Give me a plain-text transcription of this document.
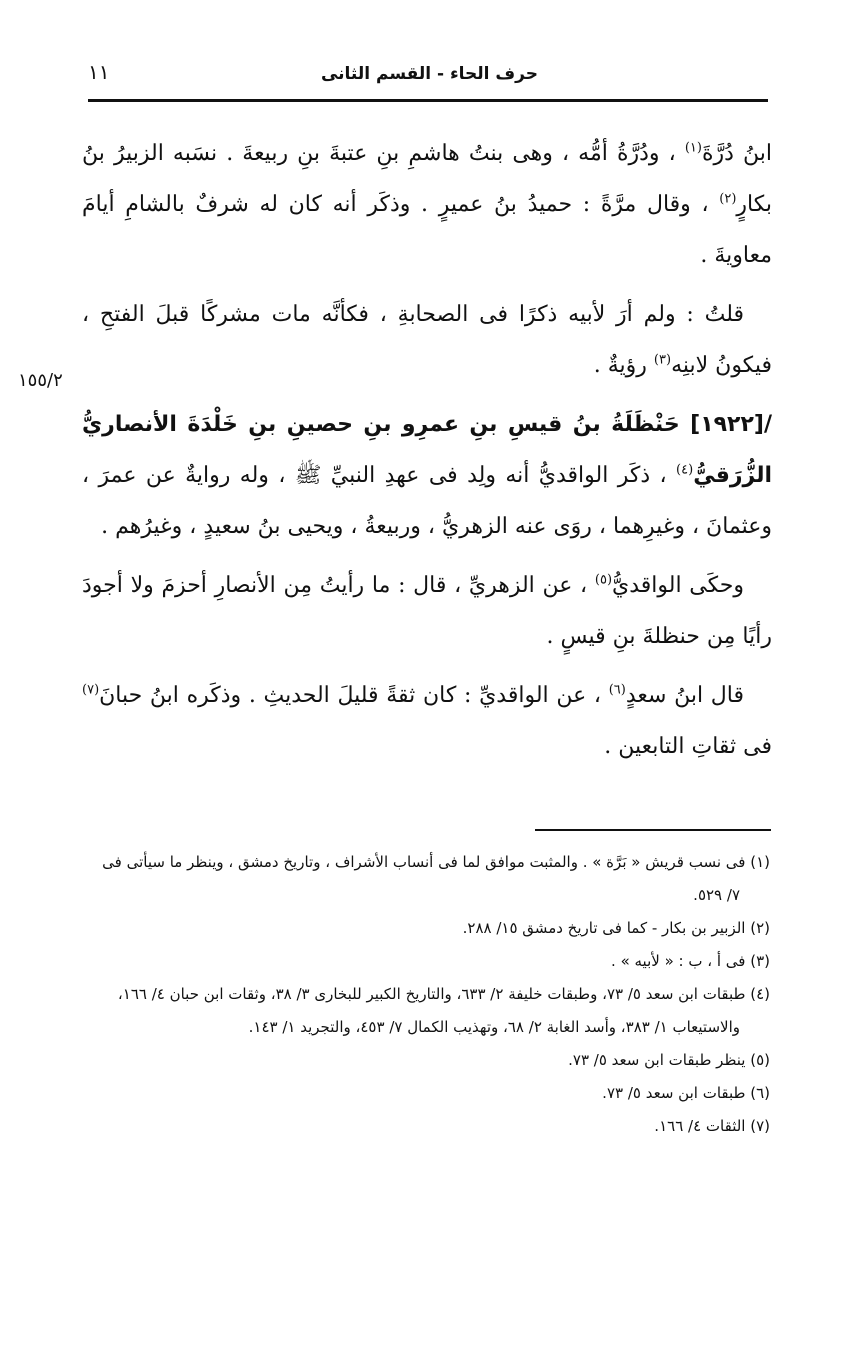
حرف الحاء - القسم الثانى
١١
١٥٥/٢

ابنُ دُرَّةَ$^{(١)}$ ، ودُرَّةُ أمُّه ، وهى بنتُ هاشمِ بنِ عتبةَ بنِ ربيعةَ . نسَبه الزبيرُ بنُ بكارٍ$^{(٢)}$ ، وقال مرَّةً : حميدُ بنُ عميرٍ . وذكَر أنه كان له شرفٌ بالشامِ أيامَ معاويةَ .

قلتُ : ولم أرَ لأبيه ذكرًا فى الصحابةِ ، فكأنَّه مات مشركًا قبلَ الفتحِ ، فيكونُ لابنِه$^{(٣)}$ رؤيةٌ .

/[١٩٢٢] حَنْظَلَةُ بنُ قيسِ بنِ عمرِو بنِ حصينِ بنِ خَلْدَةَ الأنصاريُّ الزُّرَقيُّ$^{(٤)}$ ، ذكَر الواقديُّ أنه ولِد فى عهدِ النبيِّ ﷺ ، وله روايةٌ عن عمرَ ، وعثمانَ ، وغيرِهما ، روَى عنه الزهريُّ ، وربيعةُ ، ويحيى بنُ سعيدٍ ، وغيرُهم .

وحكَى الواقديُّ$^{(٥)}$ ، عن الزهريِّ ، قال : ما رأيتُ مِن الأنصارِ أحزمَ ولا أجودَ رأيًا مِن حنظلةَ بنِ قيسٍ .

قال ابنُ سعدٍ$^{(٦)}$ ، عن الواقديِّ : كان ثقةً قليلَ الحديثِ . وذكَره ابنُ حبانَ$^{(٧)}$ فى ثقاتِ التابعين .

(١) فى نسب قريش « بَرَّة » . والمثبت موافق لما فى أنساب الأشراف ، وتاريخ دمشق ، وينظر ما سيأتى فى ٧/ ٥٢٩.

(٢) الزبير بن بكار - كما فى تاريخ دمشق ١٥/ ٢٨٨.

(٣) فى أ ، ب : « لأبيه » .

(٤) طبقات ابن سعد ٥/ ٧٣، وطبقات خليفة ٢/ ٦٣٣، والتاريخ الكبير للبخارى ٣/ ٣٨، وثقات ابن حبان ٤/ ١٦٦، والاستيعاب ١/ ٣٨٣، وأسد الغابة ٢/ ٦٨، وتهذيب الكمال ٧/ ٤٥٣، والتجريد ١/ ١٤٣.

(٥) ينظر طبقات ابن سعد ٥/ ٧٣.

(٦) طبقات ابن سعد ٥/ ٧٣.

(٧) الثقات ٤/ ١٦٦.
